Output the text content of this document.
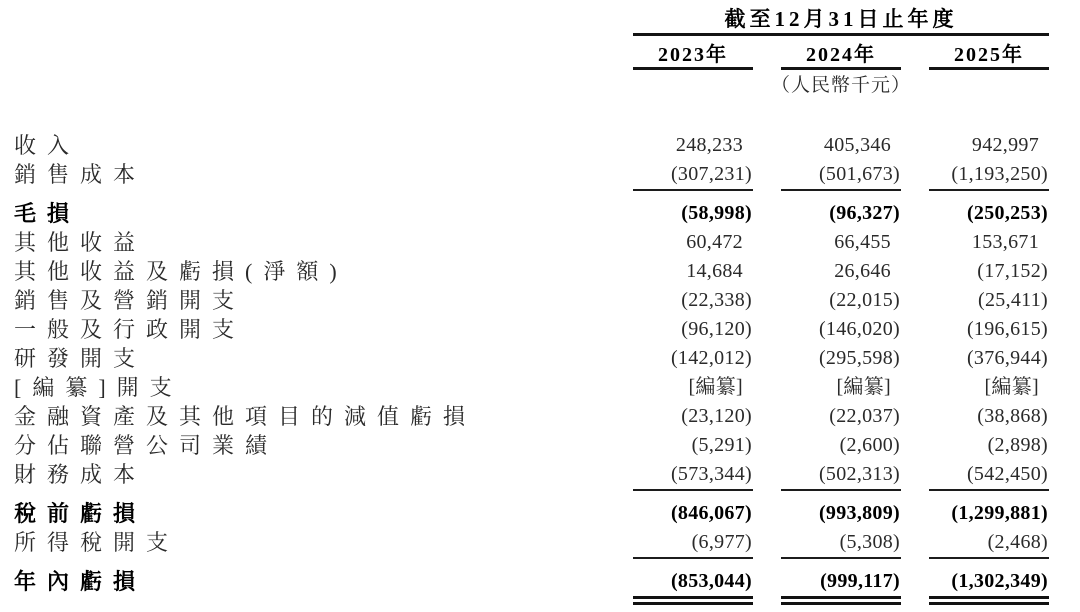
截至12月31日止年度
2023年	2024年	2025年
（人民幣千元）
收入	248,233	405,346	942,997
銷售成本	(307,231)	(501,673)	(1,193,250)
毛損	(58,998)	(96,327)	(250,253)
其他收益	60,472	66,455	153,671
其他收益及虧損(淨額)	14,684	26,646	(17,152)
銷售及營銷開支	(22,338)	(22,015)	(25,411)
一般及行政開支	(96,120)	(146,020)	(196,615)
研發開支	(142,012)	(295,598)	(376,944)
[編纂]開支	[編纂]	[編纂]	[編纂]
金融資產及其他項目的減值虧損	(23,120)	(22,037)	(38,868)
分佔聯營公司業績	(5,291)	(2,600)	(2,898)
財務成本	(573,344)	(502,313)	(542,450)
稅前虧損	(846,067)	(993,809)	(1,299,881)
所得稅開支	(6,977)	(5,308)	(2,468)
年內虧損	(853,044)	(999,117)	(1,302,349)
